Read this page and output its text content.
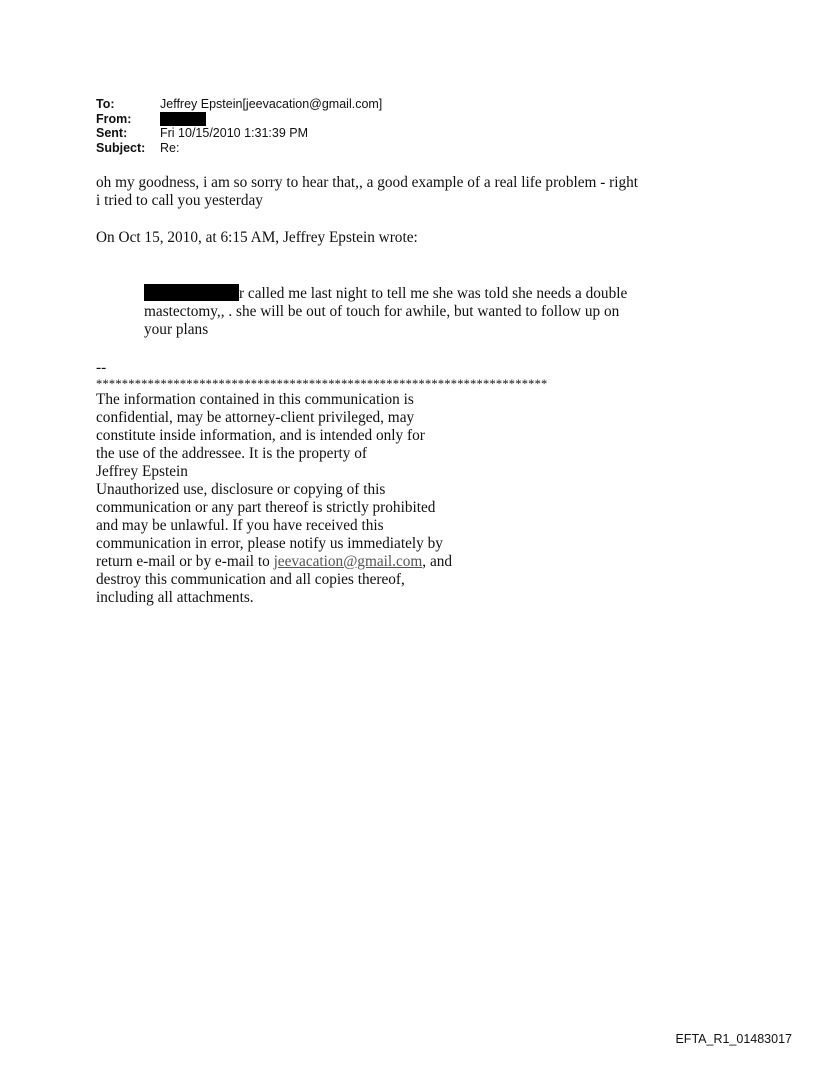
To:	Jeffrey Epstein[jeevacation@gmail.com]
From:
Sent:	Fri 10/15/2010 1:31:39 PM
Subject:	Re:
oh my goodness, i am so sorry to hear that,, a good example of a real life problem - right
i tried to call you yesterday
On Oct 15, 2010, at 6:15 AM, Jeffrey Epstein wrote:
r called me last night to tell me she was told she needs a double
mastectomy,, . she will be out of touch for awhile, but wanted to follow up on
your plans
--
**********************************************************************
The information contained in this communication is
confidential, may be attorney-client privileged, may
constitute inside information, and is intended only for
the use of the addressee. It is the property of
Jeffrey Epstein
Unauthorized use, disclosure or copying of this
communication or any part thereof is strictly prohibited
and may be unlawful. If you have received this
communication in error, please notify us immediately by
return e-mail or by e-mail to jeevacation@gmail.com, and
destroy this communication and all copies thereof,
including all attachments.
EFTA_R1_01483017
